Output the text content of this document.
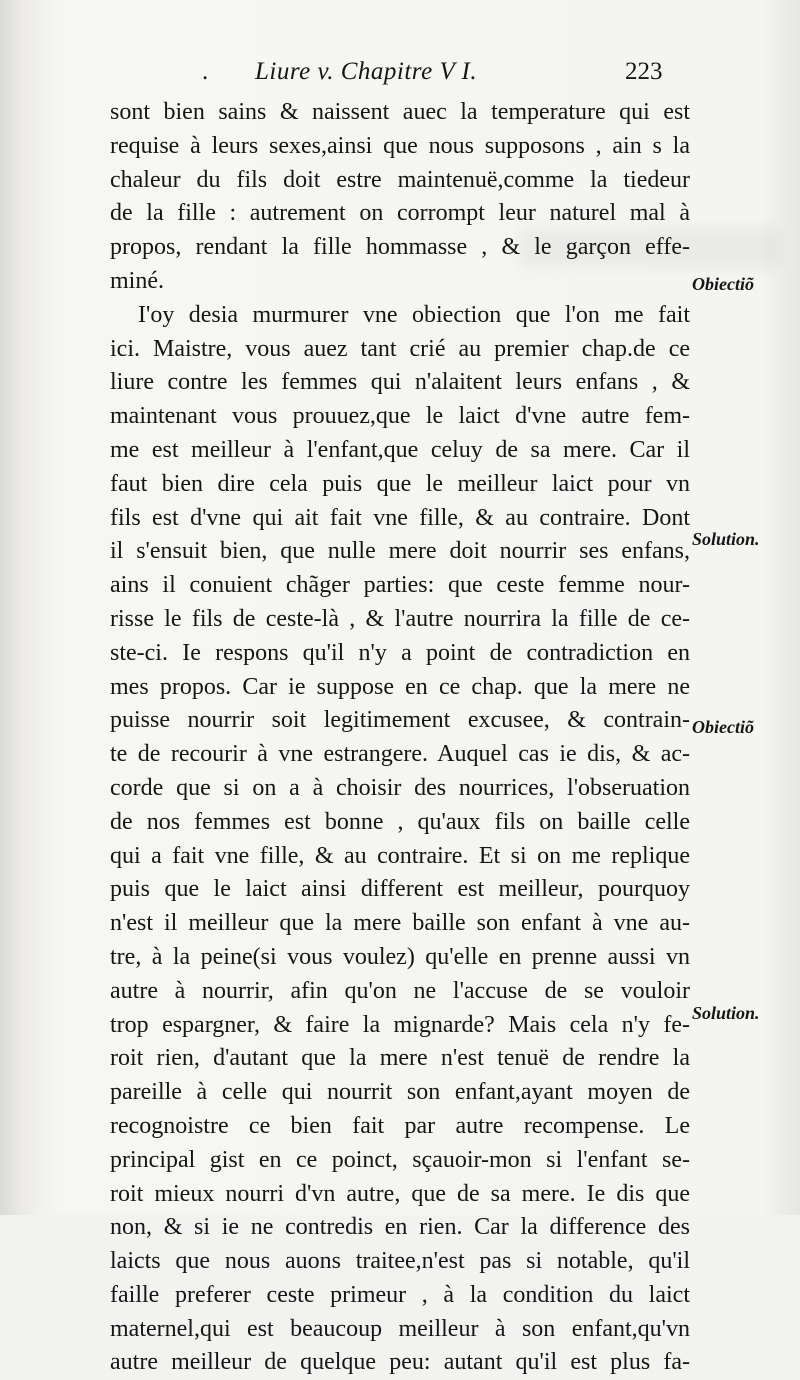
. Liure v. Chapitre V I.	223
sont bien sains & naissent auec la temperature qui est
requise à leurs sexes,ainsi que nous supposons , ain s la
chaleur du fils doit estre maintenuë,comme la tiedeur
de la fille : autrement on corrompt leur naturel mal à
propos, rendant la fille hommasse , & le garçon effe-
miné.
I'oy desia murmurer vne obiection que l'on me fait
ici. Maistre, vous auez tant crié au premier chap.de ce
liure contre les femmes qui n'alaitent leurs enfans , &
maintenant vous prouuez,que le laict d'vne autre fem-
me est meilleur à l'enfant,que celuy de sa mere. Car il
faut bien dire cela puis que le meilleur laict pour vn
fils est d'vne qui ait fait vne fille, & au contraire. Dont
il s'ensuit bien, que nulle mere doit nourrir ses enfans,
ains il conuient chãger parties: que ceste femme nour-
risse le fils de ceste-là , & l'autre nourrira la fille de ce-
ste-ci. Ie respons qu'il n'y a point de contradiction en
mes propos. Car ie suppose en ce chap. que la mere ne
puisse nourrir soit legitimement excusee, & contrain-
te de recourir à vne estrangere. Auquel cas ie dis, & ac-
corde que si on a à choisir des nourrices, l'obseruation
de nos femmes est bonne , qu'aux fils on baille celle
qui a fait vne fille, & au contraire. Et si on me replique
puis que le laict ainsi different est meilleur, pourquoy
n'est il meilleur que la mere baille son enfant à vne au-
tre, à la peine(si vous voulez) qu'elle en prenne aussi vn
autre à nourrir, afin qu'on ne l'accuse de se vouloir
trop espargner, & faire la mignarde? Mais cela n'y fe-
roit rien, d'autant que la mere n'est tenuë de rendre la
pareille à celle qui nourrit son enfant,ayant moyen de
recognoistre ce bien fait par autre recompense. Le
principal gist en ce poinct, sçauoir-mon si l'enfant se-
roit mieux nourri d'vn autre, que de sa mere. Ie dis que
non, & si ie ne contredis en rien. Car la difference des
laicts que nous auons traitee,n'est pas si notable, qu'il
faille preferer ceste primeur , à la condition du laict
maternel,qui est beaucoup meilleur à son enfant,qu'vn
autre meilleur de quelque peu: autant qu'il est plus fa-
Obiectiõ
Solution.
Obiectiõ
Solution.
